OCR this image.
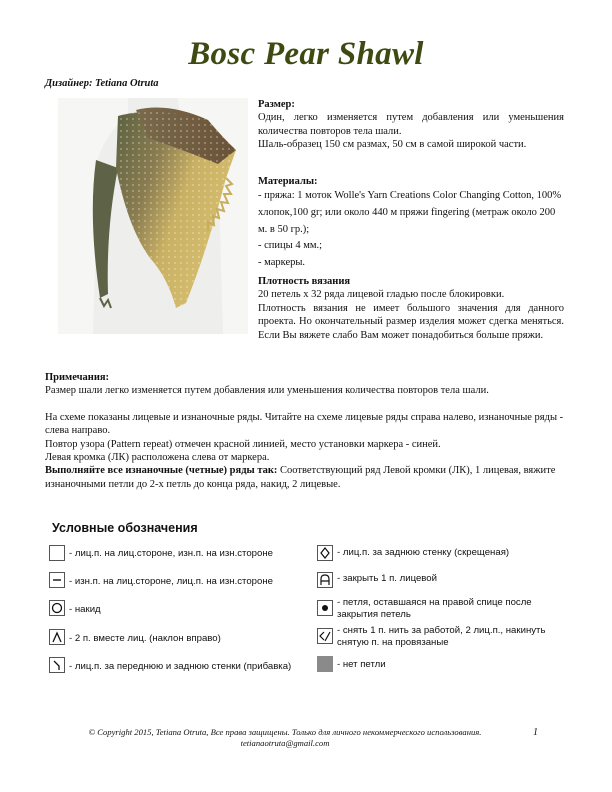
Bosc Pear Shawl
Дизайнер: Tetiana Otruta
Размер:
Один, легко изменяется путем добавления или уменьшения количества повторов тела шали.
Шаль-образец 150 см размах, 50 см в самой широкой части.
Материалы:
- пряжа: 1 моток Wolle's Yarn Creations Color Changing Cotton, 100% хлопок,100 gr; или около 440 м пряжи fingering (метраж около 200 м. в 50 гр.);
- спицы 4 мм.;
- маркеры.
Плотность вязания
20 петель х 32 ряда лицевой гладью после блокировки.
Плотность вязания не имеет большого значения для данного проекта. Но окончательный размер изделия может сдегка меняться. Если Вы вяжете слабо Вам может понадобиться больше пряжи.
Примечания:
Размер шали легко изменяется путем добавления или уменьшения количества повторов тела шали.
На схеме показаны лицевые и изнаночные ряды. Читайте на схеме лицевые ряды справа налево, изнаночные ряды - слева направо.
Повтор узора (Pattern repeat) отмечен красной линией, место установки маркера - синей.
Левая кромка (ЛК) расположена слева от маркера.
Выполняйте все изнаночные (четные) ряды так: Соответствующий ряд Левой кромки (ЛК), 1 лицевая, вяжите изнаночными петли до 2-х петль до конца ряда, накид, 2 лицевые.
Условные обозначения
- лиц.п. на лиц.стороне, изн.п. на изн.стороне
- изн.п. на лиц.стороне, лиц.п. на изн.стороне
- накид
- 2 п. вместе лиц. (наклон вправо)
- лиц.п. за переднюю и заднюю стенки (прибавка)
- лиц.п. за заднюю стенку (скрещеная)
- закрыть 1 п. лицевой
- петля, оставшаяся на правой спице после закрытия петель
- снять 1 п. нить за работой, 2 лиц.п., накинуть снятую п. на провязаные
- нет петли
© Copyright 2015, Tetiana Otruta, Все права защищены. Только для личного некоммерческого использования.
tetianaotruta@gmail.com
1
